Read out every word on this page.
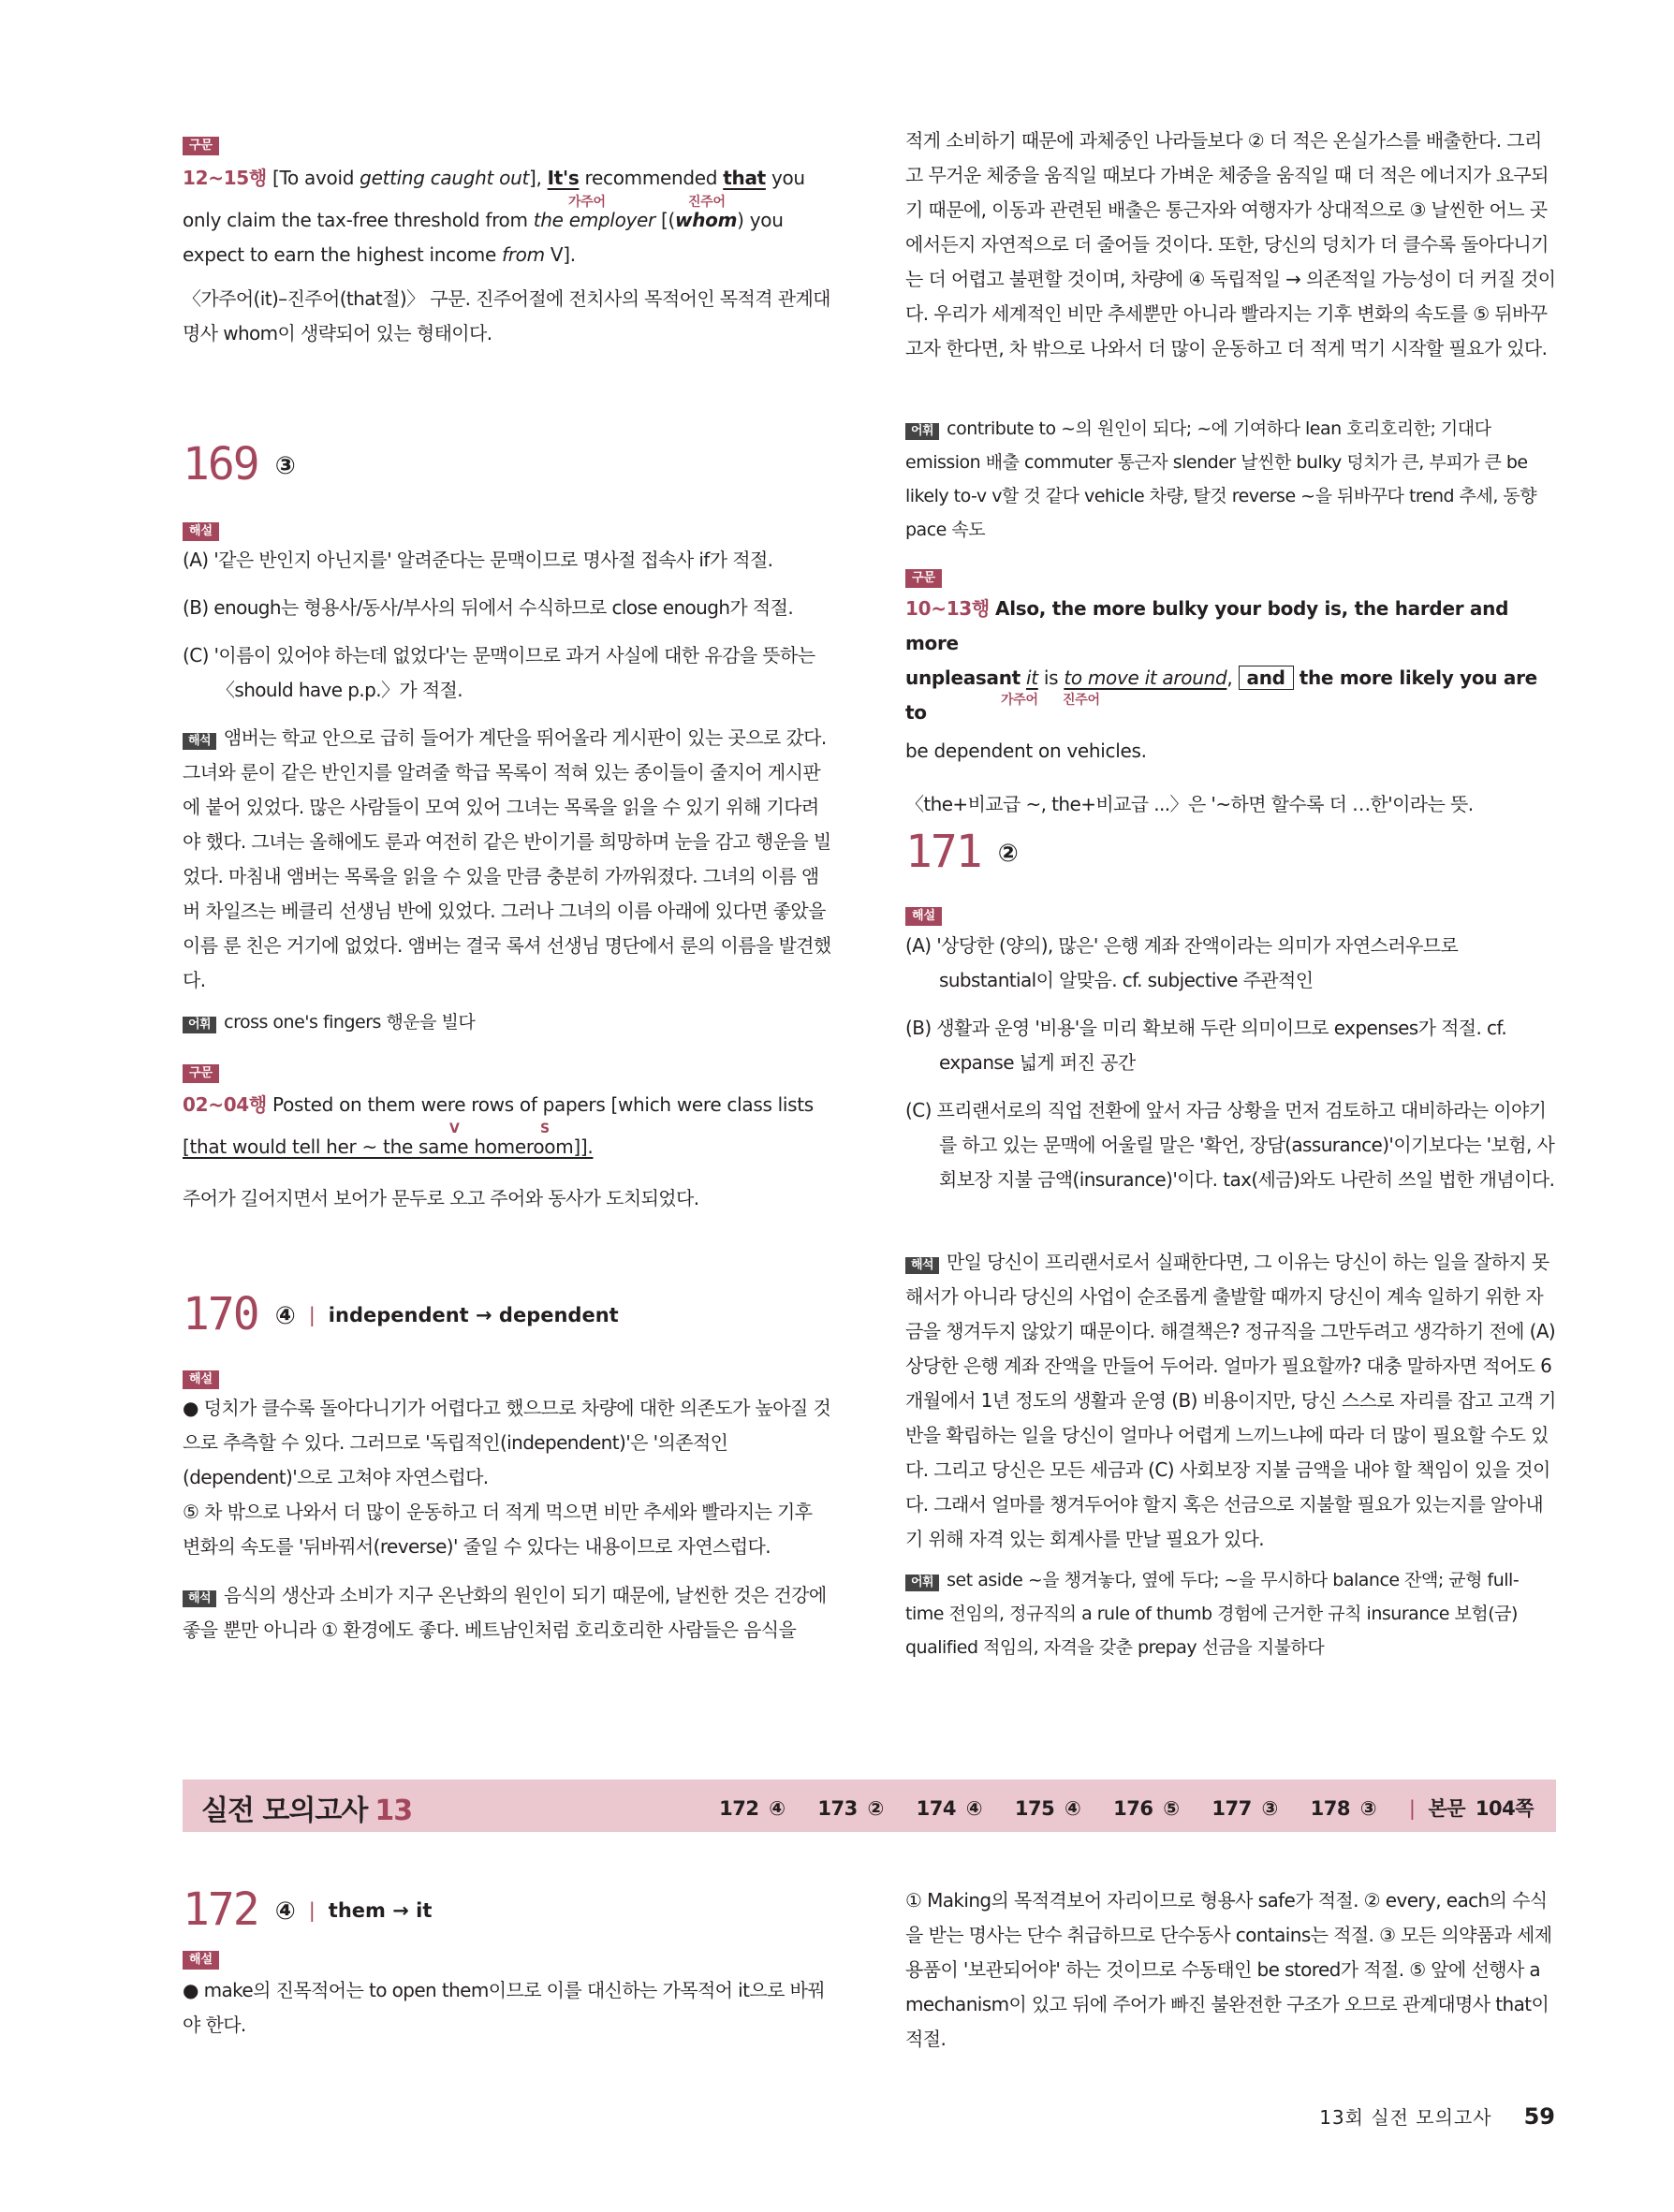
구문

12~15행 [To avoid getting caught out], It's recommended that you
가주어	진주어

only claim the tax-free threshold from the employer [(whom) you

expect to earn the highest income from V].

〈가주어(it)–진주어(that절)〉 구문. 진주어절에 전치사의 목적어인 목적격 관계대명사 whom이 생략되어 있는 형태이다.

169 ③
해설

(A) '같은 반인지 아닌지를' 알려준다는 문맥이므로 명사절 접속사 if가 적절.

(B) enough는 형용사/동사/부사의 뒤에서 수식하므로 close enough가 적절.

(C) '이름이 있어야 하는데 없었다'는 문맥이므로 과거 사실에 대한 유감을 뜻하는 〈should have p.p.〉가 적절.

해석 앰버는 학교 안으로 급히 들어가 계단을 뛰어올라 게시판이 있는 곳으로 갔다. 그녀와 룬이 같은 반인지를 알려줄 학급 목록이 적혀 있는 종이들이 줄지어 게시판에 붙어 있었다. 많은 사람들이 모여 있어 그녀는 목록을 읽을 수 있기 위해 기다려야 했다. 그녀는 올해에도 룬과 여전히 같은 반이기를 희망하며 눈을 감고 행운을 빌었다. 마침내 앰버는 목록을 읽을 수 있을 만큼 충분히 가까워졌다. 그녀의 이름 앰버 차일즈는 베클리 선생님 반에 있었다. 그러나 그녀의 이름 아래에 있다면 좋았을 이름 룬 친은 거기에 없었다. 앰버는 결국 록셔 선생님 명단에서 룬의 이름을 발견했다.

어휘 cross one's fingers 행운을 빌다

구문

02~04행 Posted on them were rows of papers [which were class lists
V	S

[that would tell her ~ the same homeroom]].

주어가 길어지면서 보어가 문두로 오고 주어와 동사가 도치되었다.

170 ④ | independent → dependent
해설

● 덩치가 클수록 돌아다니기가 어렵다고 했으므로 차량에 대한 의존도가 높아질 것으로 추측할 수 있다. 그러므로 '독립적인(independent)'은 '의존적인(dependent)'으로 고쳐야 자연스럽다.

⑤ 차 밖으로 나와서 더 많이 운동하고 더 적게 먹으면 비만 추세와 빨라지는 기후 변화의 속도를 '뒤바꿔서(reverse)' 줄일 수 있다는 내용이므로 자연스럽다.

해석 음식의 생산과 소비가 지구 온난화의 원인이 되기 때문에, 날씬한 것은 건강에 좋을 뿐만 아니라 ① 환경에도 좋다. 베트남인처럼 호리호리한 사람들은 음식을

적게 소비하기 때문에 과체중인 나라들보다 ② 더 적은 온실가스를 배출한다. 그리고 무거운 체중을 움직일 때보다 가벼운 체중을 움직일 때 더 적은 에너지가 요구되기 때문에, 이동과 관련된 배출은 통근자와 여행자가 상대적으로 ③ 날씬한 어느 곳에서든지 자연적으로 더 줄어들 것이다. 또한, 당신의 덩치가 더 클수록 돌아다니기는 더 어렵고 불편할 것이며, 차량에 ④ 독립적일 → 의존적일 가능성이 더 커질 것이다. 우리가 세계적인 비만 추세뿐만 아니라 빨라지는 기후 변화의 속도를 ⑤ 뒤바꾸고자 한다면, 차 밖으로 나와서 더 많이 운동하고 더 적게 먹기 시작할 필요가 있다.

어휘 contribute to ~의 원인이 되다; ~에 기여하다 lean 호리호리한; 기대다 emission 배출 commuter 통근자 slender 날씬한 bulky 덩치가 큰, 부피가 큰 be likely to-v v할 것 같다 vehicle 차량, 탈것 reverse ~을 뒤바꾸다 trend 추세, 동향 pace 속도

구문

10~13행 Also, the more bulky your body is, the harder and more

unpleasant it is to move it around, and the more likely you are to
가주어 진주어

be dependent on vehicles.

〈the+비교급 ~, the+비교급 ...〉은 '~하면 할수록 더 …한'이라는 뜻.

171 ②
해설

(A) '상당한 (양의), 많은' 은행 계좌 잔액이라는 의미가 자연스러우므로 substantial이 알맞음. cf. subjective 주관적인

(B) 생활과 운영 '비용'을 미리 확보해 두란 의미이므로 expenses가 적절. cf. expanse 넓게 퍼진 공간

(C) 프리랜서로의 직업 전환에 앞서 자금 상황을 먼저 검토하고 대비하라는 이야기를 하고 있는 문맥에 어울릴 말은 '확언, 장담(assurance)'이기보다는 '보험, 사회보장 지불 금액(insurance)'이다. tax(세금)와도 나란히 쓰일 법한 개념이다.

해석 만일 당신이 프리랜서로서 실패한다면, 그 이유는 당신이 하는 일을 잘하지 못해서가 아니라 당신의 사업이 순조롭게 출발할 때까지 당신이 계속 일하기 위한 자금을 챙겨두지 않았기 때문이다. 해결책은? 정규직을 그만두려고 생각하기 전에 (A) 상당한 은행 계좌 잔액을 만들어 두어라. 얼마가 필요할까? 대충 말하자면 적어도 6개월에서 1년 정도의 생활과 운영 (B) 비용이지만, 당신 스스로 자리를 잡고 고객 기반을 확립하는 일을 당신이 얼마나 어렵게 느끼느냐에 따라 더 많이 필요할 수도 있다. 그리고 당신은 모든 세금과 (C) 사회보장 지불 금액을 내야 할 책임이 있을 것이다. 그래서 얼마를 챙겨두어야 할지 혹은 선금으로 지불할 필요가 있는지를 알아내기 위해 자격 있는 회계사를 만날 필요가 있다.

어휘 set aside ~을 챙겨놓다, 옆에 두다; ~을 무시하다 balance 잔액; 균형 full-time 전임의, 정규직의 a rule of thumb 경험에 근거한 규칙 insurance 보험(금) qualified 적임의, 자격을 갖춘 prepay 선금을 지불하다

실전 모의고사 13	172 ④ 173 ② 174 ④ 175 ④ 176 ⑤ 177 ③ 178 ③ | 본문 104쪽
172 ④ | them → it
해설

● make의 진목적어는 to open them이므로 이를 대신하는 가목적어 it으로 바꿔야 한다.

① Making의 목적격보어 자리이므로 형용사 safe가 적절. ② every, each의 수식을 받는 명사는 단수 취급하므로 단수동사 contains는 적절. ③ 모든 의약품과 세제용품이 '보관되어야' 하는 것이므로 수동태인 be stored가 적절. ⑤ 앞에 선행사 a mechanism이 있고 뒤에 주어가 빠진 불완전한 구조가 오므로 관계대명사 that이 적절.

13회 실전 모의고사 59
